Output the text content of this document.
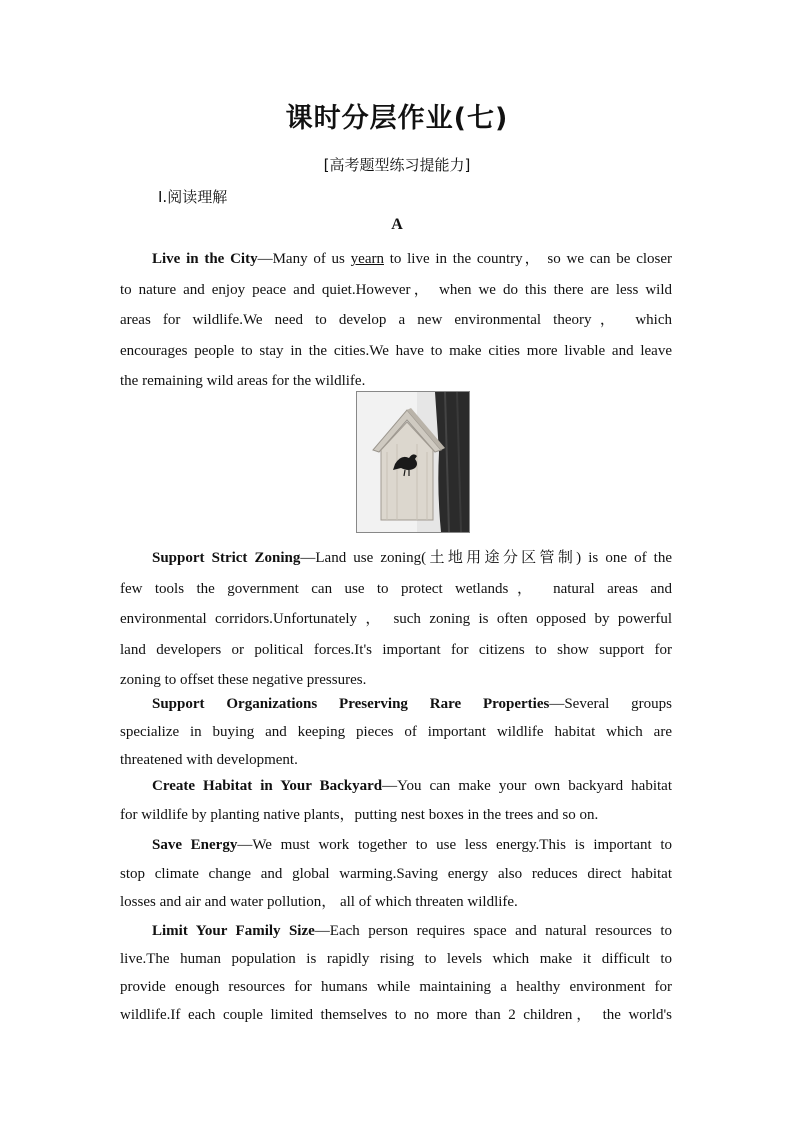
课时分层作业(七)
[高考题型练习提能力]
Ⅰ.阅读理解
A
Live in the City—Many of us yearn to live in the country， so we can be closer
to nature and enjoy peace and quiet.However， when we do this there are less wild
areas for wildlife.We need to develop a new environmental theory， which
encourages people to stay in the cities.We have to make cities more livable and leave
the remaining wild areas for the wildlife.
Support Strict Zoning—Land use zoning(土地用途分区管制) is one of the
few tools the government can use to protect wetlands， natural areas and
environmental corridors.Unfortunately ， such zoning is often opposed by powerful
land developers or political forces.It's important for citizens to show support for
zoning to offset these negative pressures.
Support Organizations Preserving Rare Properties—Several groups
specialize in buying and keeping pieces of important wildlife habitat which are
threatened with development.
Create Habitat in Your Backyard—You can make your own backyard habitat
for wildlife by planting native plants，putting nest boxes in the trees and so on.
Save Energy—We must work together to use less energy.This is important to
stop climate change and global warming.Saving energy also reduces direct habitat
losses and air and water pollution， all of which threaten wildlife.
Limit Your Family Size—Each person requires space and natural resources to
live.The human population is rapidly rising to levels which make it difficult to
provide enough resources for humans while maintaining a healthy environment for
wildlife.If each couple limited themselves to no more than 2 children， the world's
